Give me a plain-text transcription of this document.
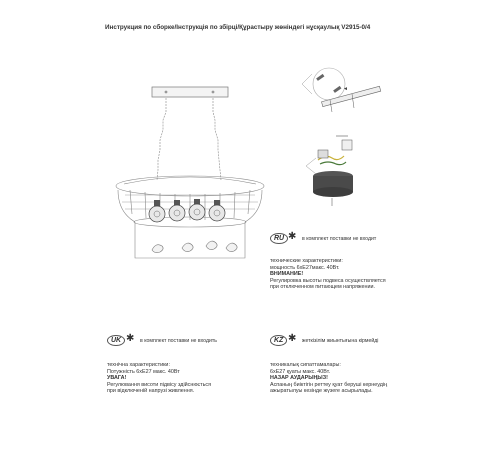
Инструкция по сборке/Інструкція по збірці/Құрастыру жөніндегі нұсқаулық V2915-0/4
◄
RU ✱ в комплект поставки не входит
технические характеристики:
мощность 6хЕ27макс. 40Вт.
ВНИМАНИЕ!
Регулировка высоты подвеса осуществляется
при отключенном питающем напряжении.
UK ✱ в комплект поставки не входить
технічна характеристики:
Потужність 6хЕ27 макс. 40Вт
УВАГА!
Регулювання висоти підвісу здійснюється
при відключеній напрузі живлення.
KZ ✱ жеткізілім жиынтығына кірмейді
техникалық сипаттамалары:
6хЕ27 қуаты макс. 40Вт.
НАЗАР АУДАРЫҢЫЗ!
Аспаның биіктігін реттеу қуат беруші кернеудің
ажыратылуы кезінде жүзеге асырылады.
